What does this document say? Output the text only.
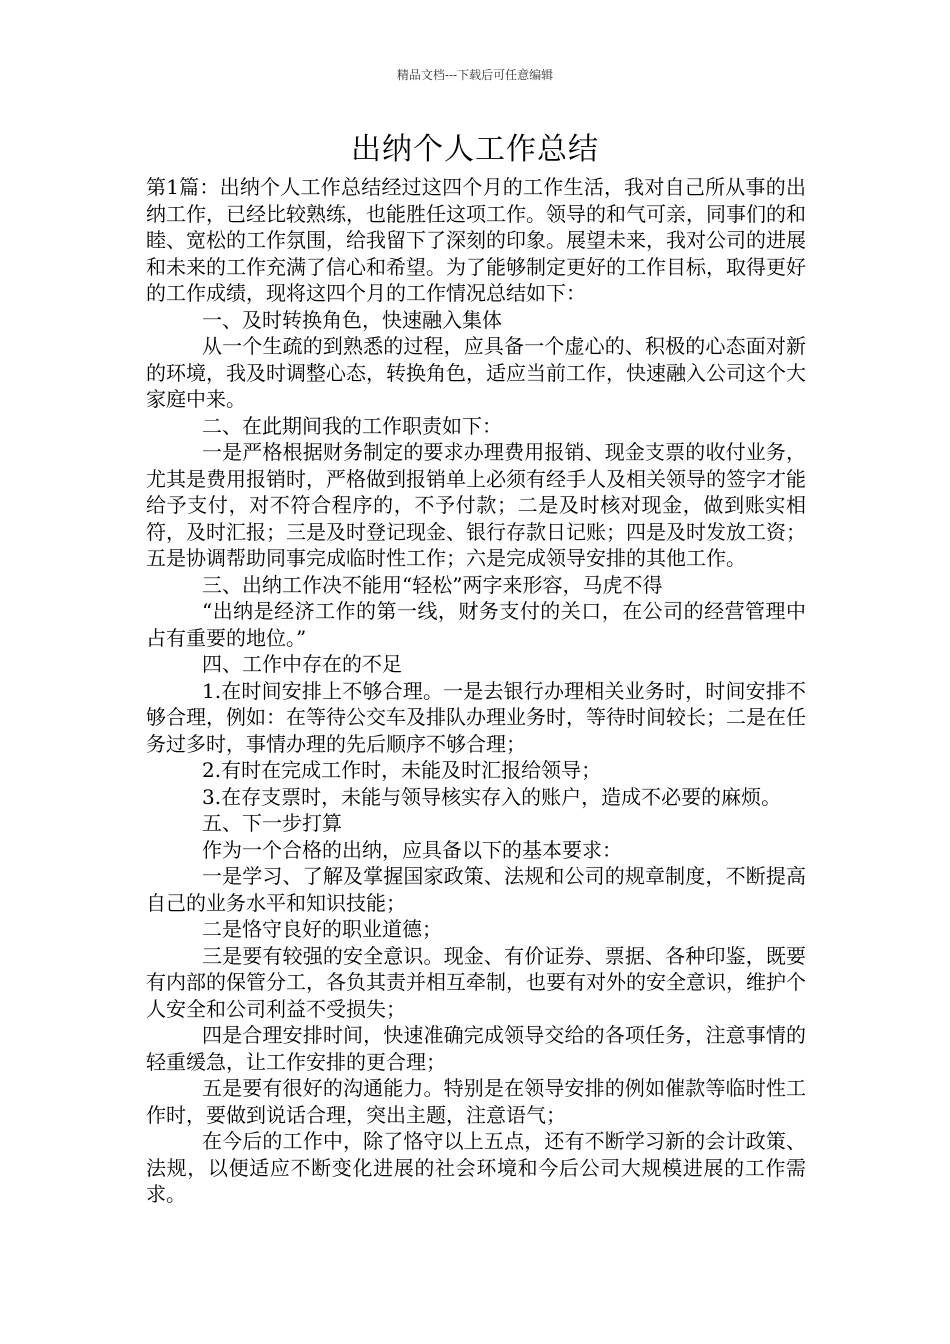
精品文档---下载后可任意编辑
出纳个人工作总结

第1篇：出纳个人工作总结经过这四个月的工作生活，我对自己所从事的出纳工作，已经比较熟练，也能胜任这项工作。领导的和气可亲，同事们的和睦、宽松的工作氛围，给我留下了深刻的印象。展望未来，我对公司的进展和未来的工作充满了信心和希望。为了能够制定更好的工作目标，取得更好的工作成绩，现将这四个月的工作情况总结如下：

一、及时转换角色，快速融入集体

从一个生疏的到熟悉的过程，应具备一个虚心的、积极的心态面对新的环境，我及时调整心态，转换角色，适应当前工作，快速融入公司这个大家庭中来。

二、在此期间我的工作职责如下：

一是严格根据财务制定的要求办理费用报销、现金支票的收付业务，尤其是费用报销时，严格做到报销单上必须有经手人及相关领导的签字才能给予支付，对不符合程序的，不予付款；二是及时核对现金，做到账实相符，及时汇报；三是及时登记现金、银行存款日记账；四是及时发放工资；五是协调帮助同事完成临时性工作；六是完成领导安排的其他工作。

三、出纳工作决不能用“轻松”两字来形容，马虎不得

“出纳是经济工作的第一线，财务支付的关口，在公司的经营管理中占有重要的地位。”

四、工作中存在的不足

1.在时间安排上不够合理。一是去银行办理相关业务时，时间安排不够合理，例如：在等待公交车及排队办理业务时，等待时间较长；二是在任务过多时，事情办理的先后顺序不够合理；

2.有时在完成工作时，未能及时汇报给领导；

3.在存支票时，未能与领导核实存入的账户，造成不必要的麻烦。

五、下一步打算

作为一个合格的出纳，应具备以下的基本要求：

一是学习、了解及掌握国家政策、法规和公司的规章制度，不断提高自己的业务水平和知识技能；

二是恪守良好的职业道德；

三是要有较强的安全意识。现金、有价证券、票据、各种印鉴，既要有内部的保管分工，各负其责并相互牵制，也要有对外的安全意识，维护个人安全和公司利益不受损失；

四是合理安排时间，快速准确完成领导交给的各项任务，注意事情的轻重缓急，让工作安排的更合理；

五是要有很好的沟通能力。特别是在领导安排的例如催款等临时性工作时，要做到说话合理，突出主题，注意语气；

在今后的工作中，除了恪守以上五点，还有不断学习新的会计政策、法规，以便适应不断变化进展的社会环境和今后公司大规模进展的工作需求。
